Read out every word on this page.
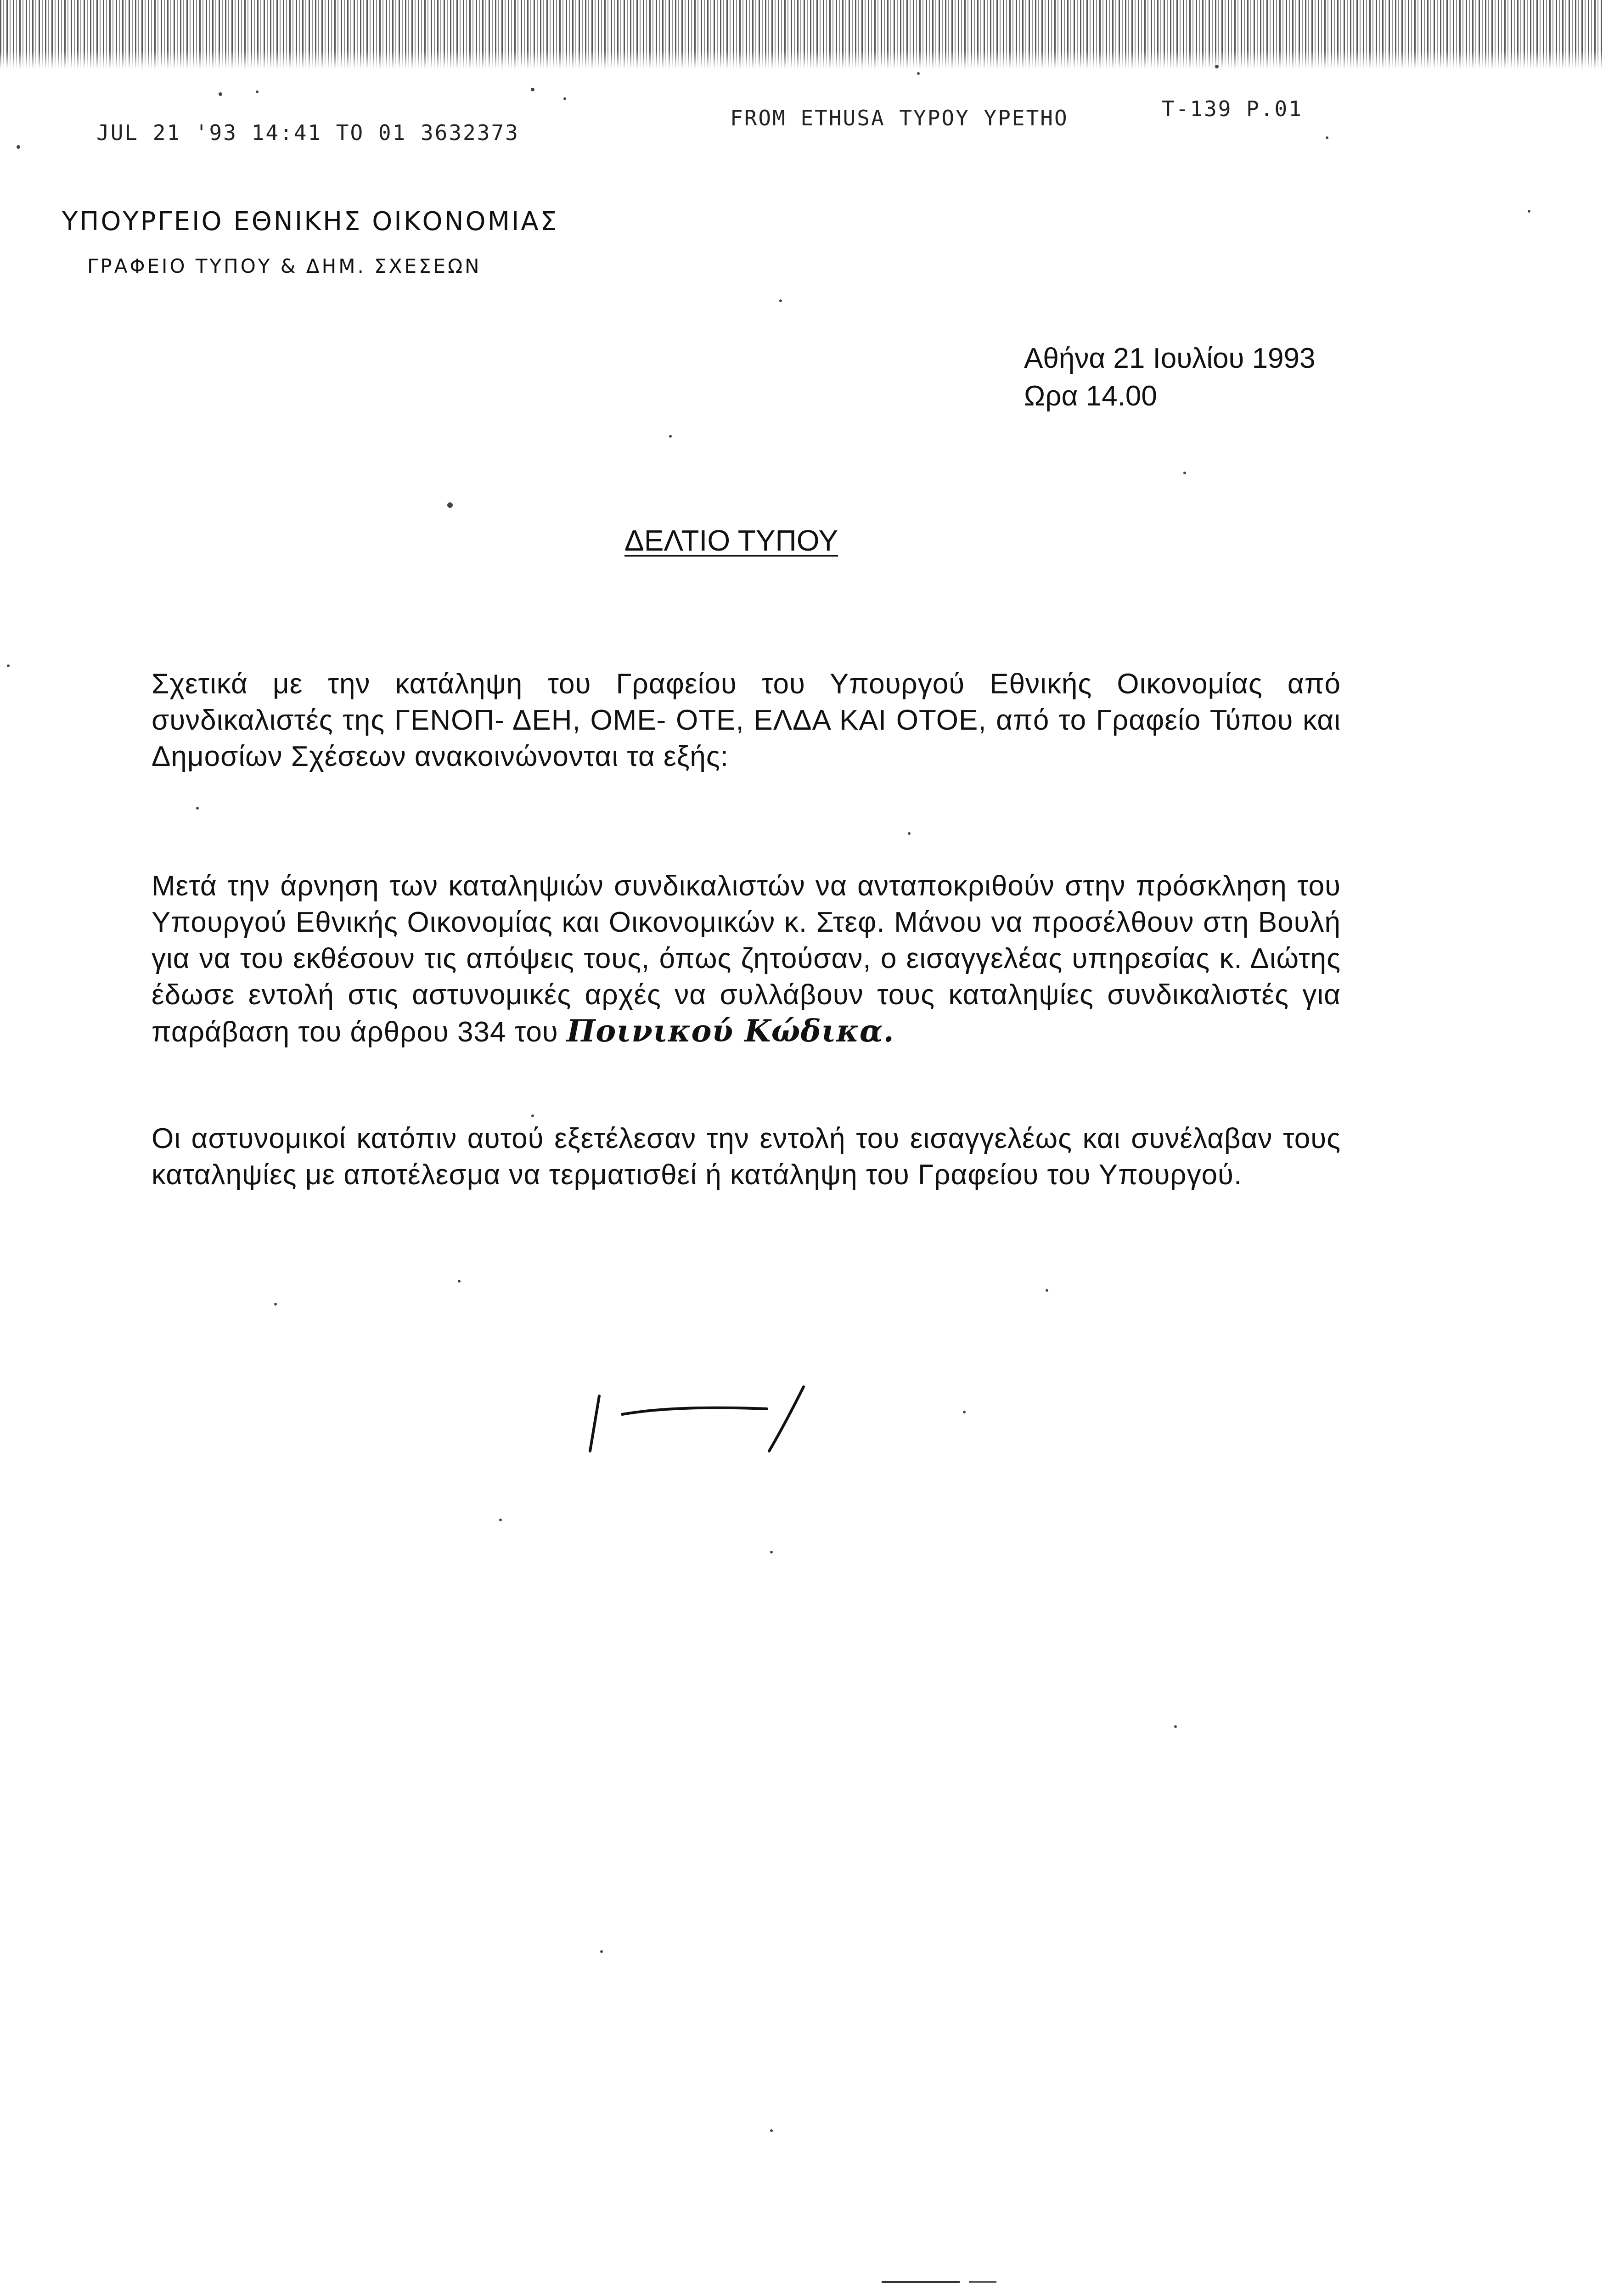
JUL 21 '93 14:41 TO 01 3632373
FROM ETHUSA TYPOY YPETHO	T-139 P.01
ΥΠΟΥΡΓΕΙΟ ΕΘΝΙΚΗΣ ΟΙΚΟΝΟΜΙΑΣ
ΓΡΑΦΕΙΟ ΤΥΠΟΥ & ΔΗΜ. ΣΧΕΣΕΩΝ
Αθήνα 21 Ιουλίου 1993
Ωρα 14.00
ΔΕΛΤΙΟ ΤΥΠΟΥ
Σχετικά με την κατάληψη του Γραφείου του Υπουργού Εθνικής Οικονομίας από συνδικαλιστές της ΓΕΝΟΠ- ΔΕΗ, ΟΜΕ- ΟΤΕ, ΕΛΔΑ ΚΑΙ ΟΤΟΕ, από το Γραφείο Τύπου και Δημοσίων Σχέσεων ανακοινώνονται τα εξής:
Μετά την άρνηση των καταληψιών συνδικαλιστών να ανταποκριθούν στην πρόσκληση του Υπουργού Εθνικής Οικονομίας και Οικονομικών κ. Στεφ. Μάνου να προσέλθουν στη Βουλή για να του εκθέσουν τις απόψεις τους, όπως ζητούσαν, ο εισαγγελέας υπηρεσίας κ. Διώτης έδωσε εντολή στις αστυνομικές αρχές να συλλάβουν τους καταληψίες συνδικαλιστές για παράβαση του άρθρου 334 του Ποινικού Κώδικα.
Οι αστυνομικοί κατόπιν αυτού εξετέλεσαν την εντολή του εισαγγελέως και συνέλαβαν τους καταληψίες με αποτέλεσμα να τερματισθεί ή κατάληψη του Γραφείου του Υπουργού.
